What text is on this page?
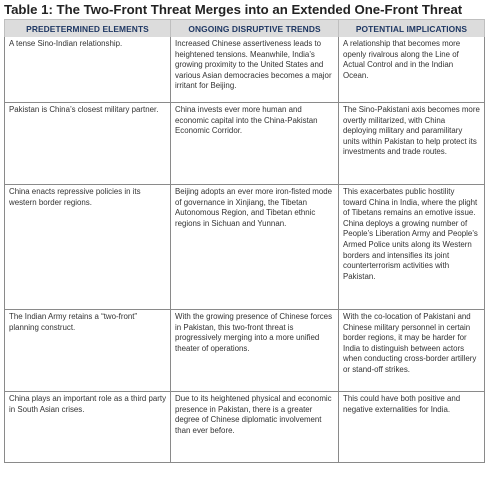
Table 1: The Two-Front Threat Merges into an Extended One-Front Threat
PREDETERMINED ELEMENTS	ONGOING DISRUPTIVE TRENDS	POTENTIAL IMPLICATIONS

A tense Sino-Indian relationship.	Increased Chinese assertiveness leads to heightened tensions. Meanwhile, India’s growing proximity to the United States and various Asian democracies becomes a major irritant for Beijing.	A relationship that becomes more openly rivalrous along the Line of Actual Control and in the Indian Ocean.

Pakistan is China’s closest military partner.	China invests ever more human and economic capital into the China-Pakistan Economic Corridor.	The Sino-Pakistani axis becomes more overtly militarized, with China deploying military and paramilitary units within Pakistan to help protect its investments and trade routes.

China enacts repressive policies in its western border regions.	Beijing adopts an ever more iron-fisted mode of governance in Xinjiang, the Tibetan Autonomous Region, and Tibetan ethnic regions in Sichuan and Yunnan.	This exacerbates public hostility toward China in India, where the plight of Tibetans remains an emotive issue. China deploys a growing number of People’s Liberation Army and People’s Armed Police units along its Western borders and intensifies its joint counterterrorism activities with Pakistan.

The Indian Army retains a “two-front” planning construct.	With the growing presence of Chinese forces in Pakistan, this two-front threat is progressively merging into a more unified theater of operations.	With the co-location of Pakistani and Chinese military personnel in certain border regions, it may be harder for India to distinguish between actors when conducting cross-border artillery or stand-off strikes.

China plays an important role as a third party in South Asian crises.	Due to its heightened physical and economic presence in Pakistan, there is a greater degree of Chinese diplomatic involvement than ever before.	This could have both positive and negative externalities for India.
